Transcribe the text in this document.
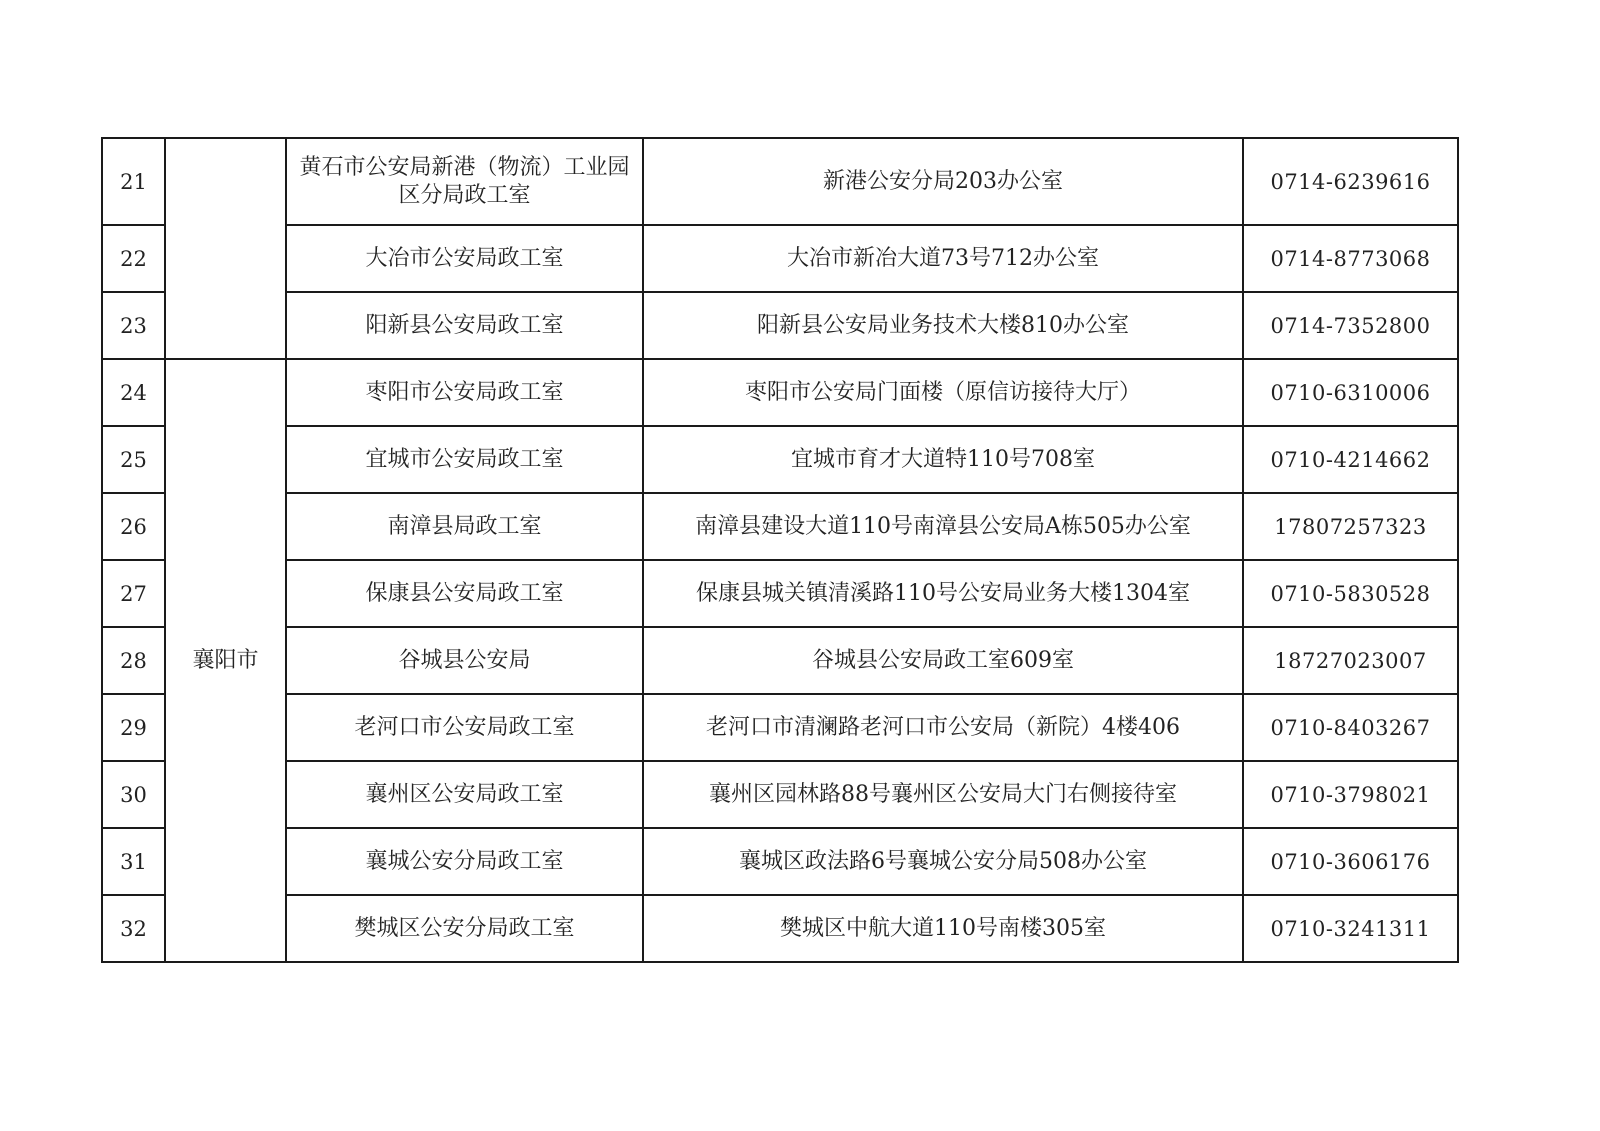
21		黄石市公安局新港（物流）工业园区分局政工室	新港公安分局203办公室	0714-6239616
22		大冶市公安局政工室	大冶市新冶大道73号712办公室	0714-8773068
23		阳新县公安局政工室	阳新县公安局业务技术大楼810办公室	0714-7352800
24	襄阳市	枣阳市公安局政工室	枣阳市公安局门面楼（原信访接待大厅）	0710-6310006
25		宜城市公安局政工室	宜城市育才大道特110号708室	0710-4214662
26		南漳县局政工室	南漳县建设大道110号南漳县公安局A栋505办公室	17807257323
27		保康县公安局政工室	保康县城关镇清溪路110号公安局业务大楼1304室	0710-5830528
28		谷城县公安局	谷城县公安局政工室609室	18727023007
29		老河口市公安局政工室	老河口市清澜路老河口市公安局（新院）4楼406	0710-8403267
30		襄州区公安局政工室	襄州区园林路88号襄州区公安局大门右侧接待室	0710-3798021
31		襄城公安分局政工室	襄城区政法路6号襄城公安分局508办公室	0710-3606176
32		樊城区公安分局政工室	樊城区中航大道110号南楼305室	0710-3241311
